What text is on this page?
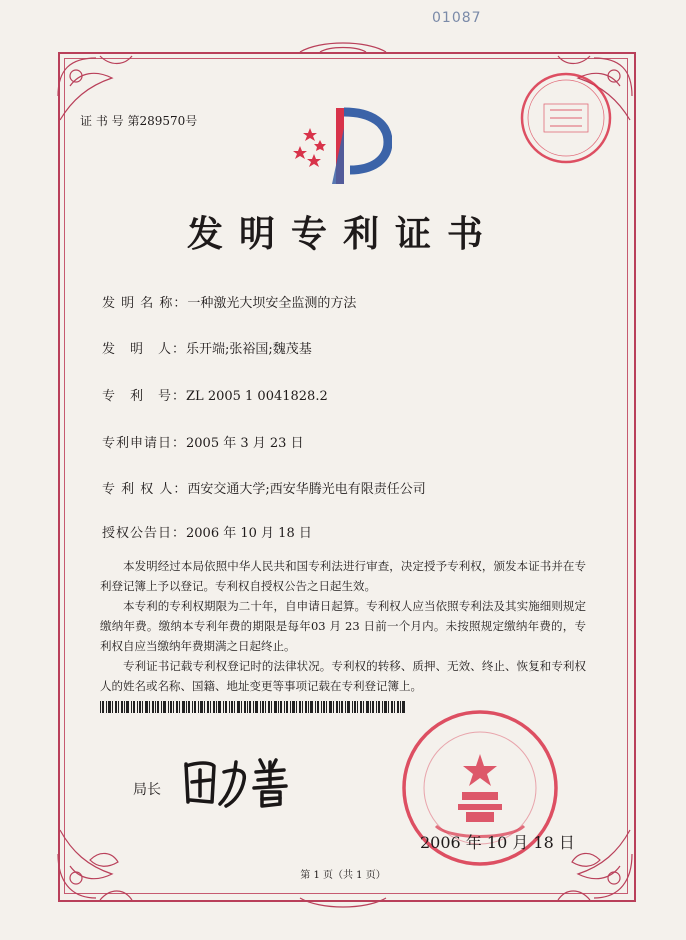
01087
证 书 号 第289570号
发明专利证书
发 明 名 称：一种激光大坝安全监测的方法
发　明　人：乐开端;张裕国;魏茂基
专　利　号：ZL 2005 1 0041828.2
专利申请日：2005 年 3 月 23 日
专 利 权 人：西安交通大学;西安华腾光电有限责任公司
授权公告日：2006 年 10 月 18 日

本发明经过本局依照中华人民共和国专利法进行审查，决定授予专利权，颁发本证书并在专利登记簿上予以登记。专利权自授权公告之日起生效。

本专利的专利权期限为二十年，自申请日起算。专利权人应当依照专利法及其实施细则规定缴纳年费。缴纳本专利年费的期限是每年03 月 23 日前一个月内。未按照规定缴纳年费的，专利权自应当缴纳年费期满之日起终止。

专利证书记载专利权登记时的法律状况。专利权的转移、质押、无效、终止、恢复和专利权人的姓名或名称、国籍、地址变更等事项记载在专利登记簿上。

局长
2006 年 10 月 18 日
第 1 页（共 1 页）
